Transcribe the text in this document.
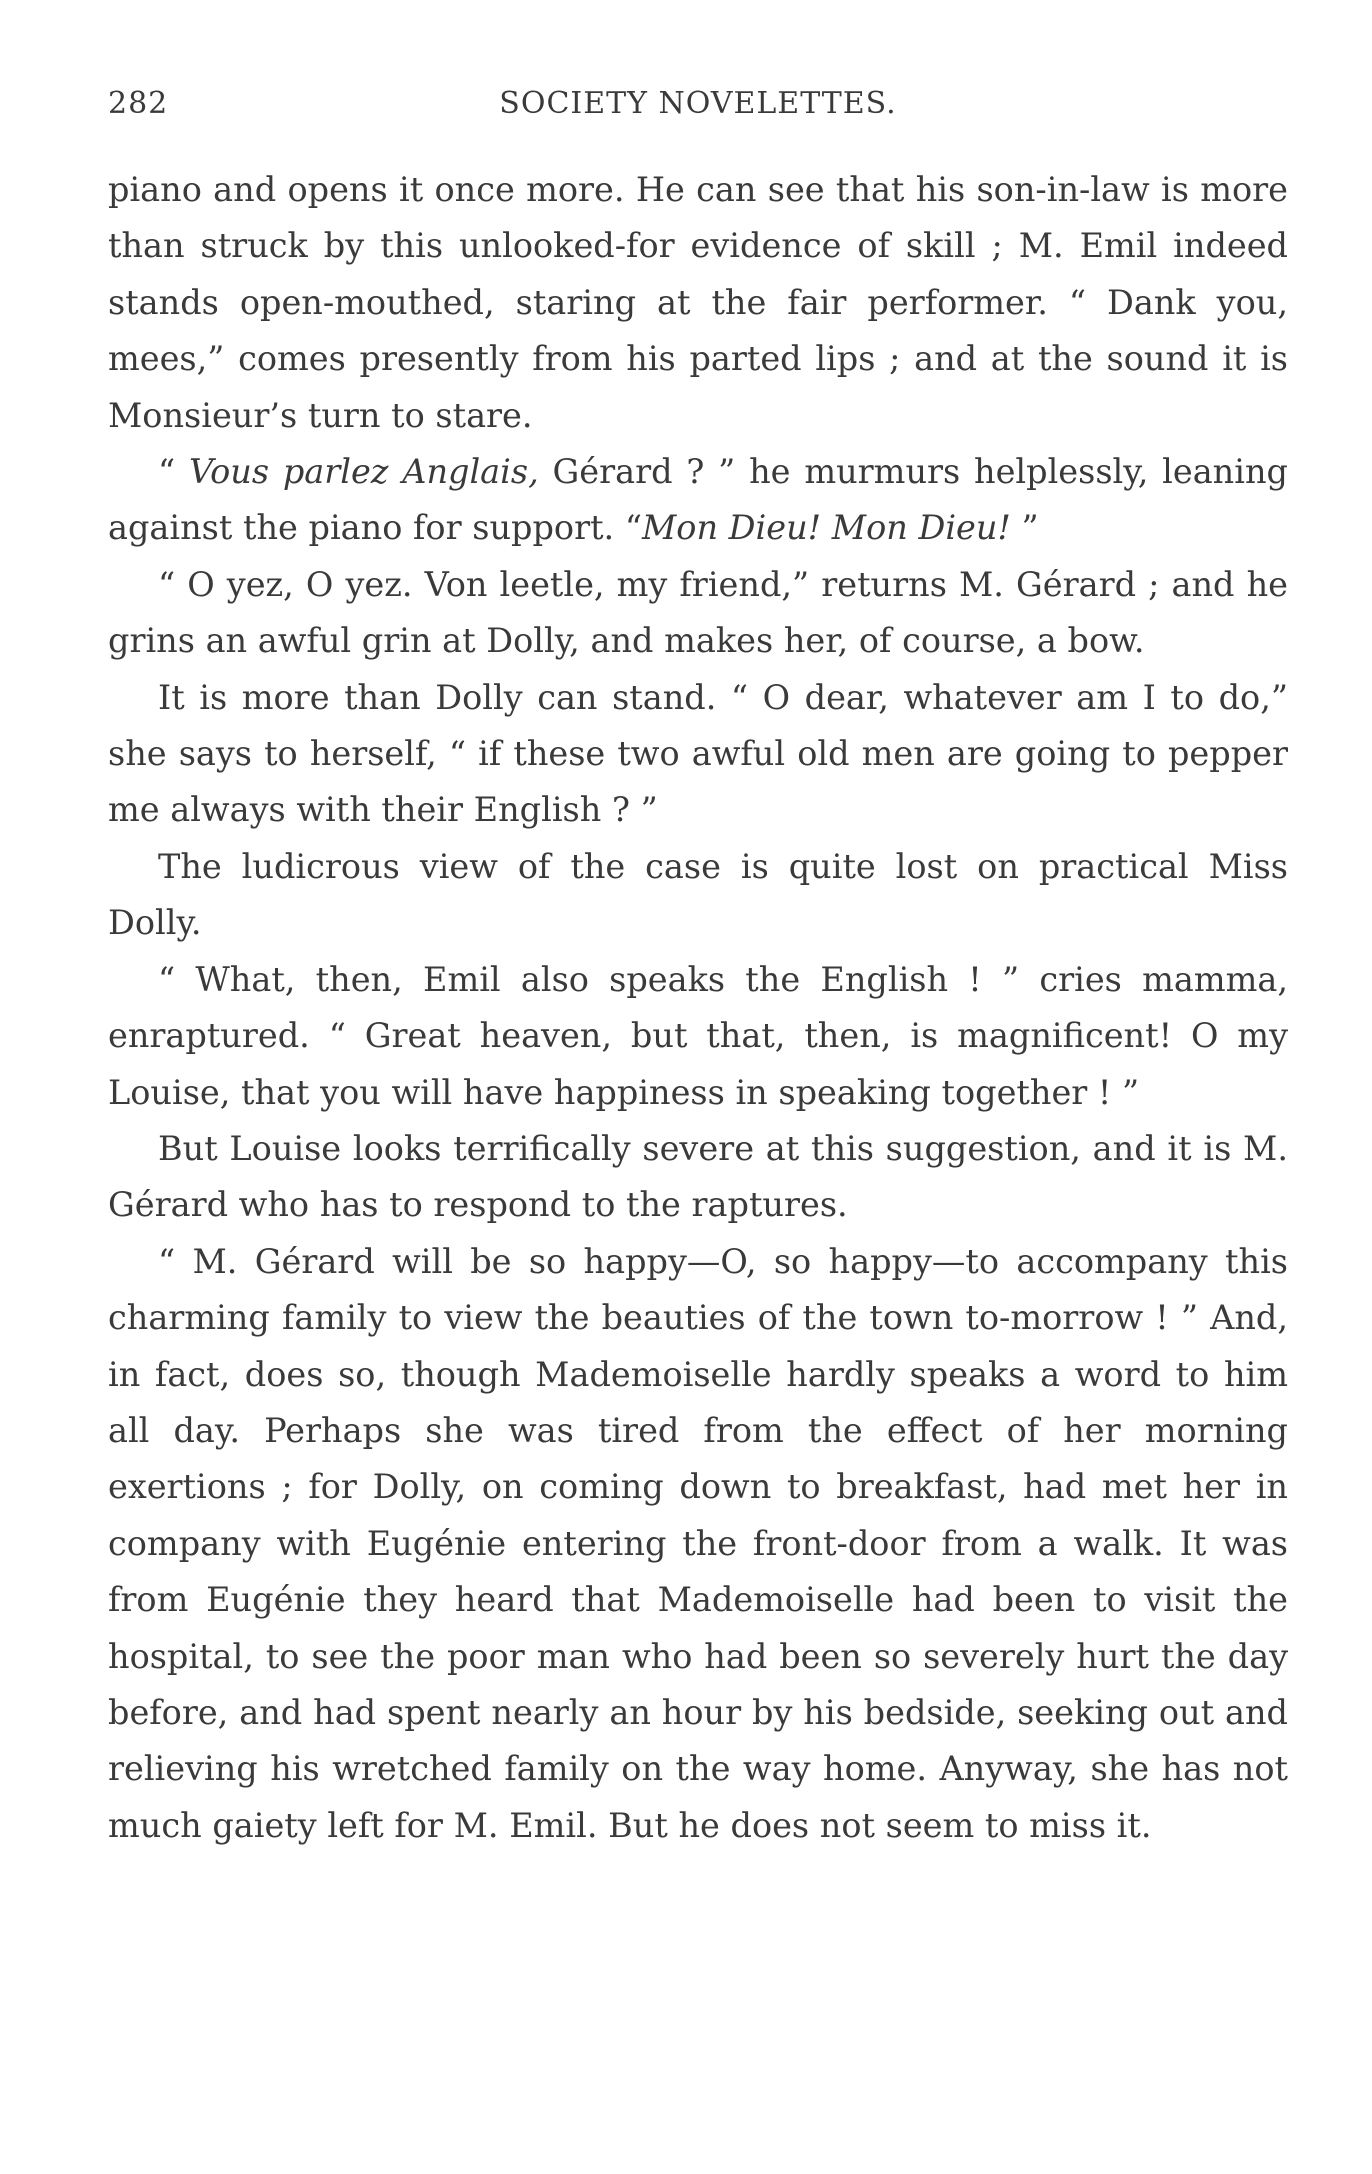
282	SOCIETY NOVELETTES.

piano and opens it once more. He can see that his son-in-law is more than struck by this unlooked-for evidence of skill ; M. Emil indeed stands open-mouthed, staring at the fair performer. “ Dank you, mees,” comes presently from his parted lips ; and at the sound it is Monsieur’s turn to stare.

“ Vous parlez Anglais, Gérard ? ” he murmurs helplessly, leaning against the piano for support. “Mon Dieu! Mon Dieu! ”

“ O yez, O yez. Von leetle, my friend,” returns M. Gérard ; and he grins an awful grin at Dolly, and makes her, of course, a bow.

It is more than Dolly can stand. “ O dear, whatever am I to do,” she says to herself, “ if these two awful old men are going to pepper me always with their English ? ”

The ludicrous view of the case is quite lost on practical Miss Dolly.

“ What, then, Emil also speaks the English ! ” cries mamma, enraptured. “ Great heaven, but that, then, is magnificent! O my Louise, that you will have happiness in speaking together ! ”

But Louise looks terrifically severe at this suggestion, and it is M. Gérard who has to respond to the raptures.

“ M. Gérard will be so happy—O, so happy—to accompany this charming family to view the beauties of the town to-morrow ! ” And, in fact, does so, though Mademoiselle hardly speaks a word to him all day. Perhaps she was tired from the effect of her morning exertions ; for Dolly, on coming down to breakfast, had met her in company with Eugénie entering the front-door from a walk. It was from Eugénie they heard that Mademoiselle had been to visit the hospital, to see the poor man who had been so severely hurt the day before, and had spent nearly an hour by his bedside, seeking out and relieving his wretched family on the way home. Anyway, she has not much gaiety left for M. Emil. But he does not seem to miss it.
